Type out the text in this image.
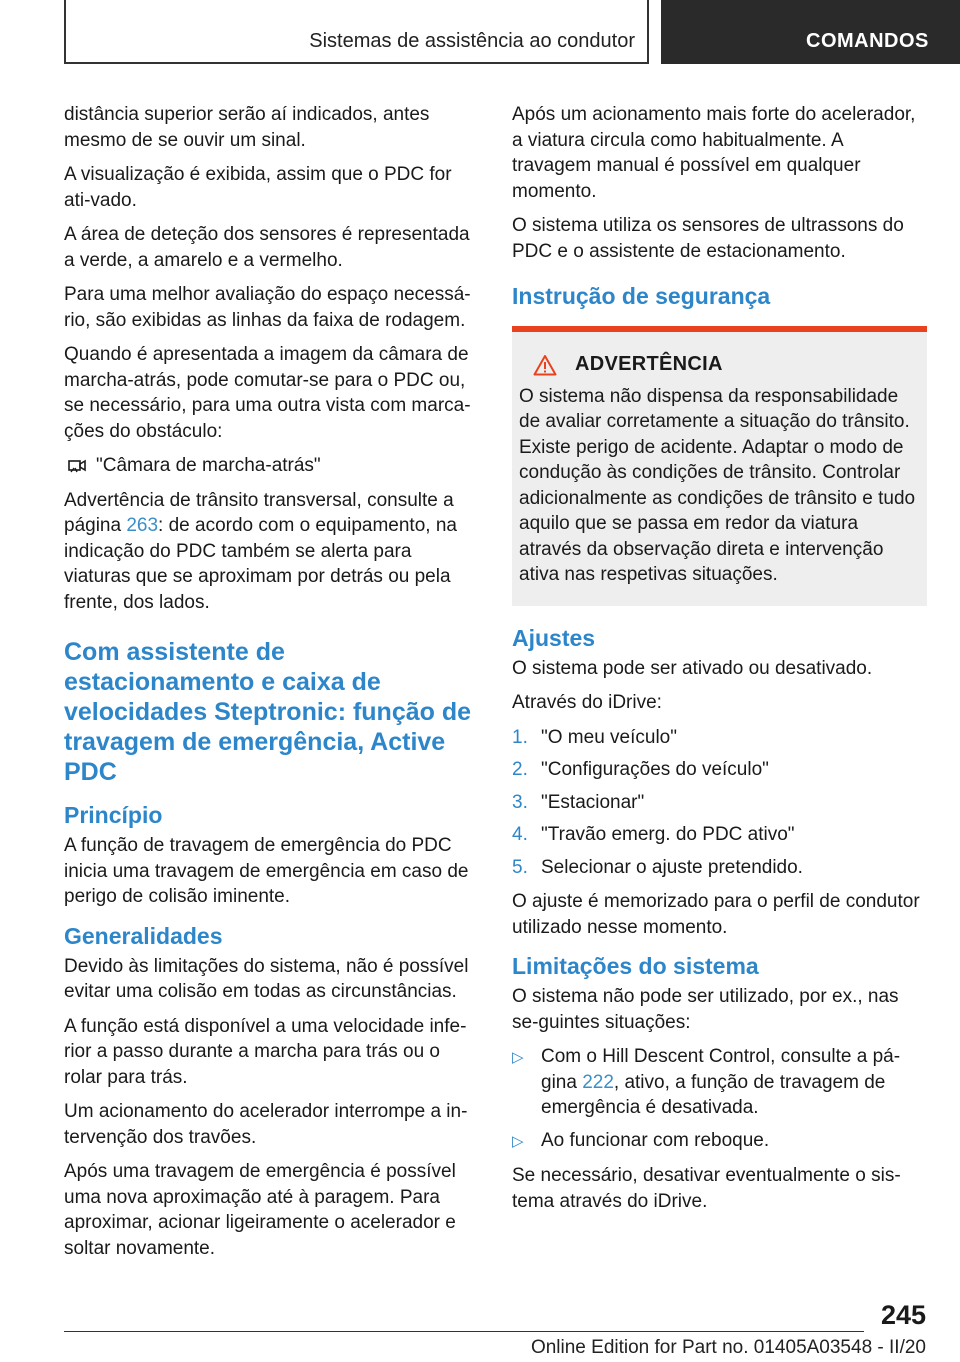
Sistemas de assistência ao condutor	COMANDOS

distância superior serão aí indicados, antes mesmo de se ouvir um sinal.

A visualização é exibida, assim que o PDC for ati‐vado.

A área de deteção dos sensores é representada a verde, a amarelo e a vermelho.

Para uma melhor avaliação do espaço necessá‐rio, são exibidas as linhas da faixa de rodagem.

Quando é apresentada a imagem da câmara de marcha-atrás, pode comutar-se para o PDC ou, se necessário, para uma outra vista com marca‐ções do obstáculo:

"Câmara de marcha-atrás"

Advertência de trânsito transversal, consulte a página 263: de acordo com o equipamento, na indicação do PDC também se alerta para viaturas que se aproximam por detrás ou pela frente, dos lados.

Com assistente de estacionamento e caixa de velocidades Steptronic: função de travagem de emergência, Active PDC
Princípio

A função de travagem de emergência do PDC inicia uma travagem de emergência em caso de perigo de colisão iminente.

Generalidades

Devido às limitações do sistema, não é possível evitar uma colisão em todas as circunstâncias.

A função está disponível a uma velocidade infe‐rior a passo durante a marcha para trás ou o rolar para trás.

Um acionamento do acelerador interrompe a in‐tervenção dos travões.

Após uma travagem de emergência é possível uma nova aproximação até à paragem. Para aproximar, acionar ligeiramente o acelerador e soltar novamente.

Após um acionamento mais forte do acelerador, a viatura circula como habitualmente. A travagem manual é possível em qualquer momento.

O sistema utiliza os sensores de ultrassons do PDC e o assistente de estacionamento.

Instrução de segurança
ADVERTÊNCIA
O sistema não dispensa da responsabilidade de avaliar corretamente a situação do trânsito. Existe perigo de acidente. Adaptar o modo de condução às condições de trânsito. Controlar adicionalmente as condições de trânsito e tudo aquilo que se passa em redor da viatura através da observação direta e intervenção ativa nas respetivas situações.
Ajustes

O sistema pode ser ativado ou desativado.

Através do iDrive:

1. "O meu veículo"
2. "Configurações do veículo"
3. "Estacionar"
4. "Travão emerg. do PDC ativo"
5. Selecionar o ajuste pretendido.

O ajuste é memorizado para o perfil de condutor utilizado nesse momento.

Limitações do sistema

O sistema não pode ser utilizado, por ex., nas se‐guintes situações:

▷ Com o Hill Descent Control, consulte a pá‐gina 222, ativo, a função de travagem de emergência é desativada.
▷ Ao funcionar com reboque.

Se necessário, desativar eventualmente o sis‐tema através do iDrive.

245
Online Edition for Part no. 01405A03548 - II/20
